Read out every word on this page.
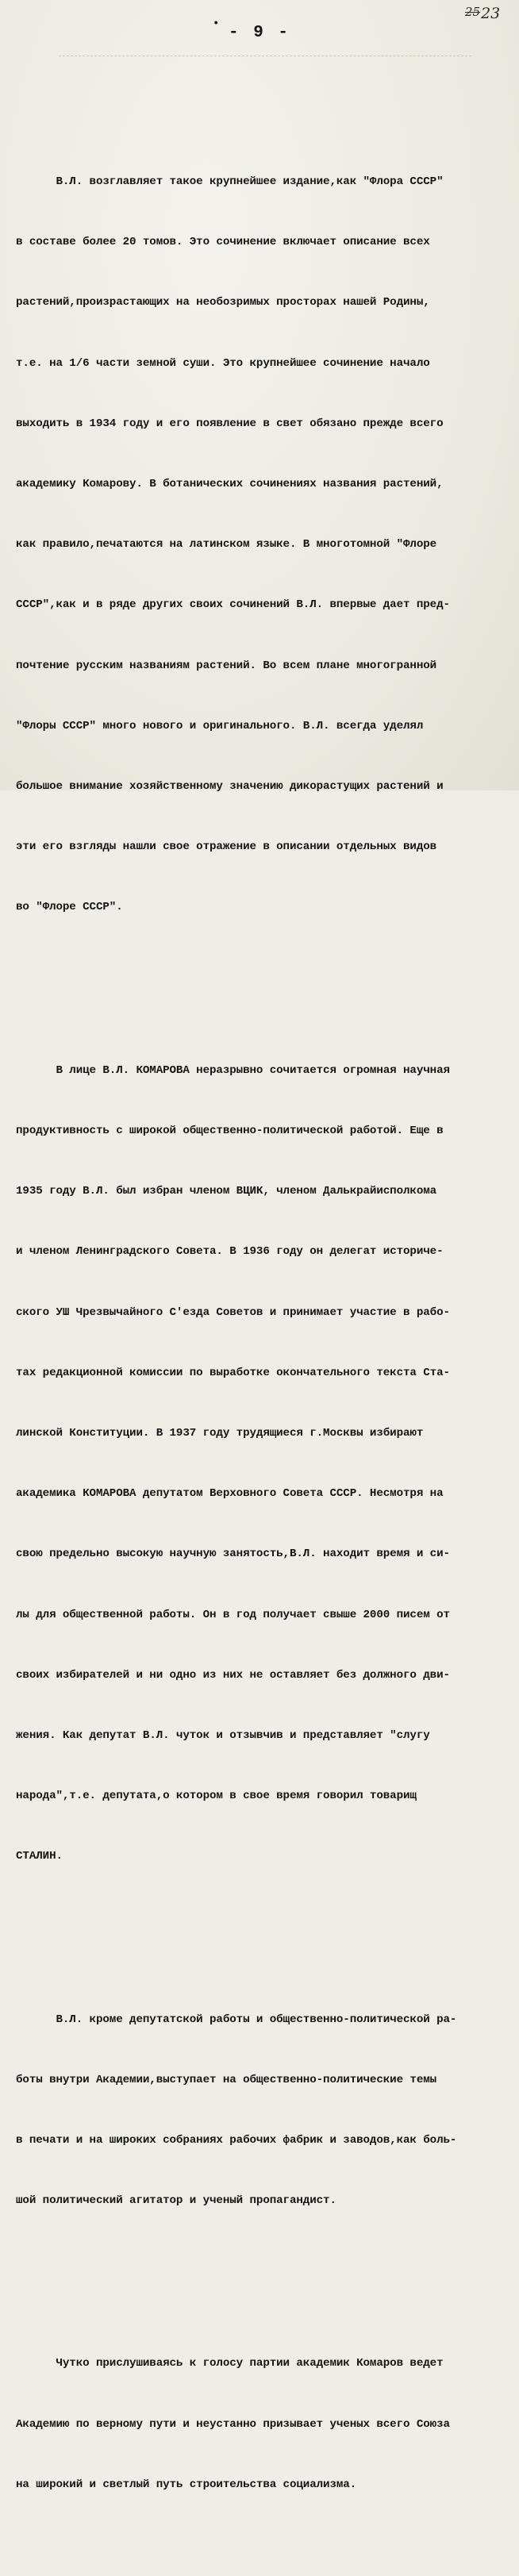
• - 9 -
2523

В.Л. возглавляет такое крупнейшее издание,как "Флора СССР"

в составе более 20 томов. Это сочинение включает описание всех

растений,произрастающих на необозримых просторах нашей Родины,

т.е. на 1/6 части земной суши. Это крупнейшее сочинение начало

выходить в 1934 году и его появление в свет обязано прежде всего

академику Комарову. В ботанических сочинениях названия растений,

как правило,печатаются на латинском языке. В многотомной "Флоре

СССР",как и в ряде других своих сочинений В.Л. впервые дает пред-

почтение русским названиям растений. Во всем плане многогранной

"Флоры СССР" много нового и оригинального. В.Л. всегда уделял

большое внимание хозяйственному значению дикорастущих растений и

эти его взгляды нашли свое отражение в описании отдельных видов

во "Флоре СССР".

В лице В.Л. КОМАРОВА неразрывно сочитается огромная научная

продуктивность с широкой общественно-политической работой. Еще в

1935 году В.Л. был избран членом ВЦИК, членом Далькрайисполкома

и членом Ленинградского Совета. В 1936 году он делегат историче-

ского УШ Чрезвычайного С'езда Советов и принимает участие в рабо-

тах редакционной комиссии по выработке окончательного текста Ста-

линской Конституции. В 1937 году трудящиеся г.Москвы избирают

академика КОМАРОВА депутатом Верховного Совета СССР. Несмотря на

свою предельно высокую научную занятость,В.Л. находит время и си-

лы для общественной работы. Он в год получает свыше 2000 писем от

своих избирателей и ни одно из них не оставляет без должного дви-

жения. Как депутат В.Л. чуток и отзывчив и представляет "слугу

народа",т.е. депутата,о котором в свое время говорил товарищ

СТАЛИН.

В.Л. кроме депутатской работы и общественно-политической ра-

боты внутри Академии,выступает на общественно-политические темы

в печати и на широких собраниях рабочих фабрик и заводов,как боль-

шой политический агитатор и ученый пропагандист.

Чутко прислушиваясь к голосу партии академик Комаров ведет

Академию по верному пути и неустанно призывает ученых всего Союза

на широкий и светлый путь строительства социализма.
